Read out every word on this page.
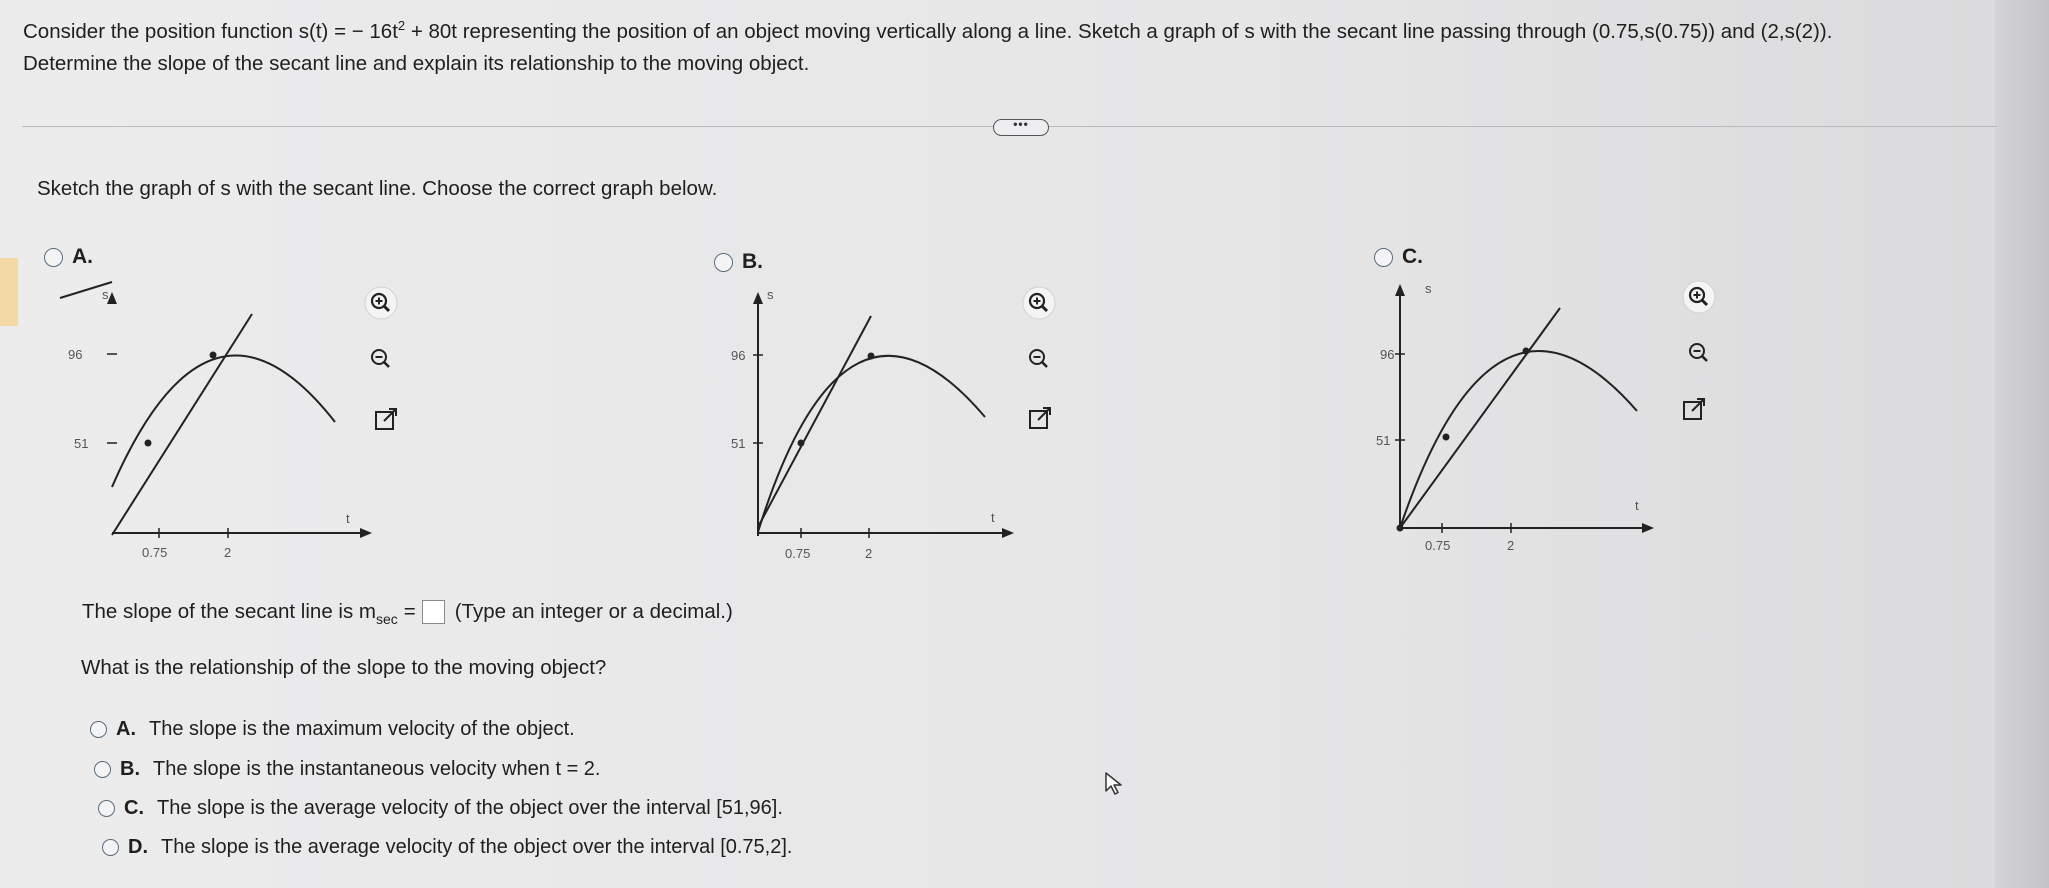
Consider the position function s(t) = − $16t^2 + 80t$ representing the position of an object moving vertically along a line. Sketch a graph of s with the secant line passing through (0.75,s(0.75)) and (2,s(2)).
Determine the slope of the secant line and explain its relationship to the moving object.
•••
Sketch the graph of s with the secant line. Choose the correct graph below.
A.
s
t
96
51
0.75	2
B.
s
t
96
51
0.75	2
C.
s
t
96
51
0.75	2
The slope of the secant line is m sec = (Type an integer or a decimal.)
What is the relationship of the slope to the moving object?
A. The slope is the maximum velocity of the object.
B. The slope is the instantaneous velocity when t = 2.
C. The slope is the average velocity of the object over the interval [51,96].
D. The slope is the average velocity of the object over the interval [0.75,2].
